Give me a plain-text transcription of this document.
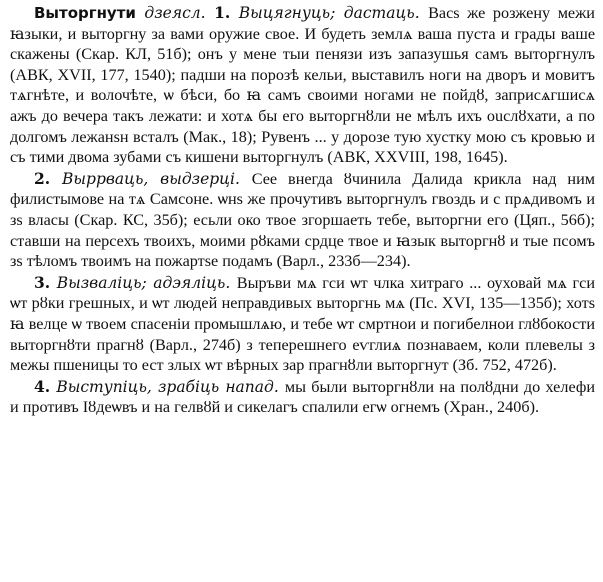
Выторгнути дзеясл. 1. Выцягнуць; дастаць. Васѕ же розжену межи ꙗзыки, и выторгну за вами оружие свое. И будеть землѧ ваша пуста и грады ваше скажены (Скар. КЛ, 51б); онъ у мене тыи пенязи изъ запазушья самъ выторгнулъ (АВК, XVII, 177, 1540); падши на порозѣ кельи, выставилъ ноги на дворъ и мовитъ тѧгнѣте, и волочѣте, ѡ бѣси, бо ꙗ самъ своими ногами не пойдȣ, заприсѧгшисѧ ажъ до вечера такъ лежати: и хотѧ бы его выторгнȣли не мѣлъ ихъ ouслȣхати, а по долгомъ лежанѕн всталъ (Мак., 18); Рувенъ ... у дорозе тую хустку мою съ кровью и съ тими двома зубами съ кишени выторгнулъ (АВК, XXVIII, 198, 1645).

2. Выррваць, выдзерці. Сее внегда ȣчинила Далида крикла над ним филистымове на тѧ Самсоне. ѡнѕ же прочутивъ выторгнулъ гвоздь и с прѧдивомъ и зѕ власы (Скар. КС, 35б); есьли око твое згоршаеть тебе, выторгни его (Цяп., 56б); ставши на персехъ твоихъ, моими рȣками срдце твое и ꙗзык выторгнȣ и тые псомъ зѕ тѣломъ твоимъ на пожартѕе подамъ (Варл., 233б—234).

3. Вызваліць; адэяліць. Выръви мѧ гси ѡт члка хитраго ... оуховай мѧ гси ѡт рȣки грешных, и ѡт людей неправдивых выторгнь мѧ (Пс. XVI, 135—135б); хотѕ ꙗ велце ѡ твоем спасеніи промышлѧю, и тебе ѡт смртнои и погибелнои глȣбокости выторгнȣти прагнȣ (Варл., 274б) з теперешнего еѵглиѧ познаваем, коли плевелы з межы пшеницы то ест злых ѡт вѣрных зар прагнȣли выторгнут (Зб. 752, 472б).

4. Выступіць, зрабіць напад. мы были выторгнȣли на полȣдни до хелефи и противъ Іȣдеѡвъ и на гелвȣй и сикелагъ спалили егѡ огнемъ (Хран., 240б).
